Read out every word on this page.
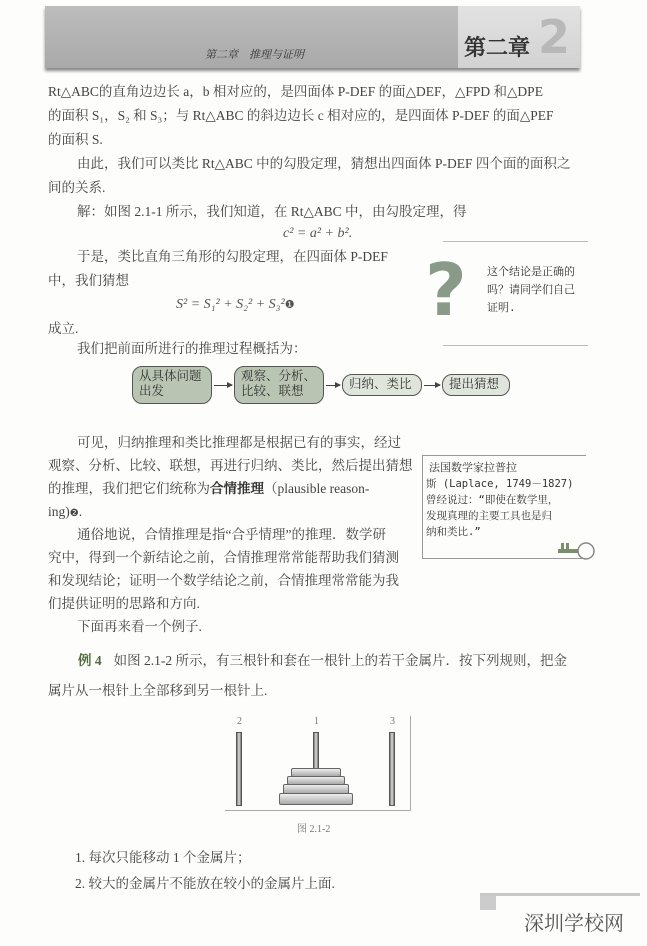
第二章　推理与证明	第二章 2
Rt△ABC的直角边边长 a，b 相对应的，是四面体 P-DEF 的面△DEF，△FPD 和△DPE
的面积 S₁，S₂ 和 S₃；与 Rt△ABC 的斜边边长 c 相对应的，是四面体 P-DEF 的面△PEF
的面积 S.
由此，我们可以类比 Rt△ABC 中的勾股定理，猜想出四面体 P-DEF 四个面的面积之
间的关系.
解：如图 2.1-1 所示，我们知道，在 Rt△ABC 中，由勾股定理，得
c² = a² + b².
于是，类比直角三角形的勾股定理，在四面体 P-DEF
中，我们猜想
S² = S₁² + S₂² + S₃²❶
成立.	? 这个结论是正确的
吗？请同学们自己
证明.
我们把前面所进行的推理过程概括为：
从具体问题
出发
观察、分析、
比较、联想	归纳、类比	提出猜想
可见，归纳推理和类比推理都是根据已有的事实，经过
观察、分析、比较、联想，再进行归纳、类比，然后提出猜想
的推理，我们把它们统称为合情推理（plausible reason-
ing)❷.
通俗地说，合情推理是指“合乎情理”的推理．数学研
究中，得到一个新结论之前，合情推理常常能帮助我们猜测
和发现结论；证明一个数学结论之前，合情推理常常能为我
们提供证明的思路和方向.
下面再来看一个例子.
法国数学家拉普拉
斯 (Laplace, 1749－1827)
曾经说过：“即使在数学里，
发现真理的主要工具也是归
纳和类比.”
例 4 如图 2.1-2 所示，有三根针和套在一根针上的若干金属片．按下列规则，把金
属片从一根针上全部移到另一根针上.
2	1	3
图 2.1-2
1. 每次只能移动 1 个金属片；
2. 较大的金属片不能放在较小的金属片上面.
深圳学校网
